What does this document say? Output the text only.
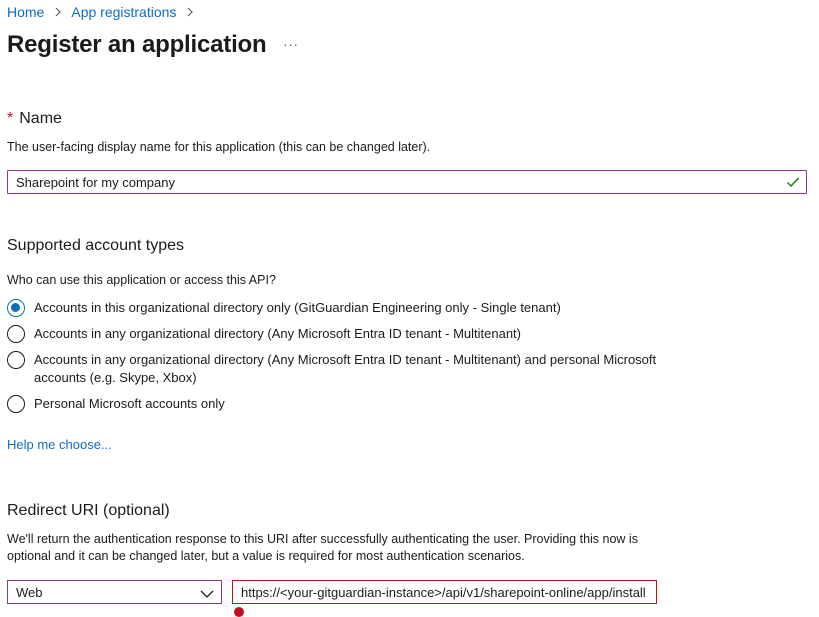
Home App registrations
Register an application ···
* Name
The user-facing display name for this application (this can be changed later).
Sharepoint for my company
Supported account types
Who can use this application or access this API?
Accounts in this organizational directory only (GitGuardian Engineering only - Single tenant)
Accounts in any organizational directory (Any Microsoft Entra ID tenant - Multitenant)
Accounts in any organizational directory (Any Microsoft Entra ID tenant - Multitenant) and personal Microsoft accounts (e.g. Skype, Xbox)
Personal Microsoft accounts only
Help me choose...
Redirect URI (optional)
We'll return the authentication response to this URI after successfully authenticating the user. Providing this now is optional and it can be changed later, but a value is required for most authentication scenarios.
Web	https://<your-gitguardian-instance>/api/v1/sharepoint-online/app/install
